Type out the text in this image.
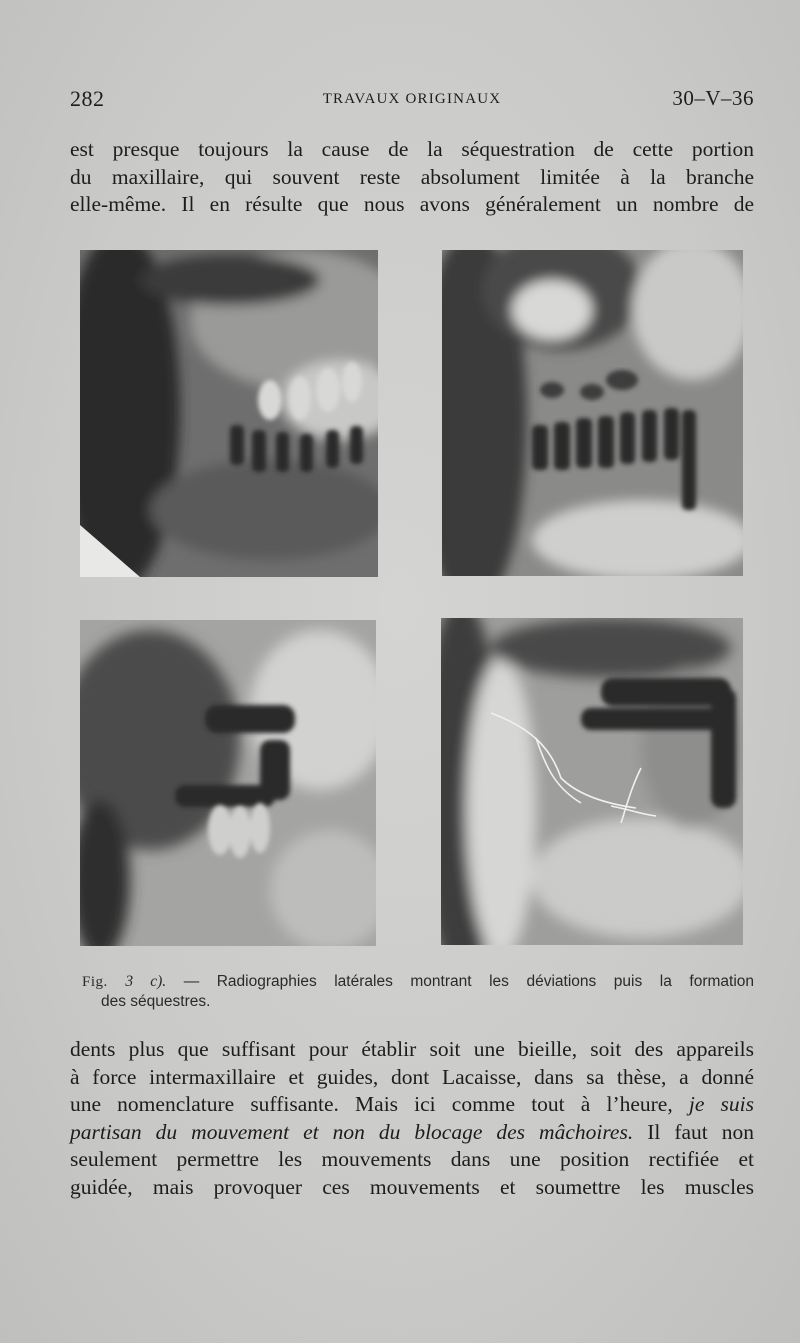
282	TRAVAUX ORIGINAUX	30–V–36
est presque toujours la cause de la séquestration de cette portion
du maxillaire, qui souvent reste absolument limitée à la branche
elle-même. Il en résulte que nous avons généralement un nombre de
Fig. 3 c). — Radiographies latérales montrant les déviations puis la formation
des séquestres.
dents plus que suffisant pour établir soit une bieille, soit des appareils
à force intermaxillaire et guides, dont Lacaisse, dans sa thèse, a donné
une nomenclature suffisante. Mais ici comme tout à l’heure, je suis
partisan du mouvement et non du blocage des mâchoires. Il faut non
seulement permettre les mouvements dans une position rectifiée et
guidée, mais provoquer ces mouvements et soumettre les muscles
